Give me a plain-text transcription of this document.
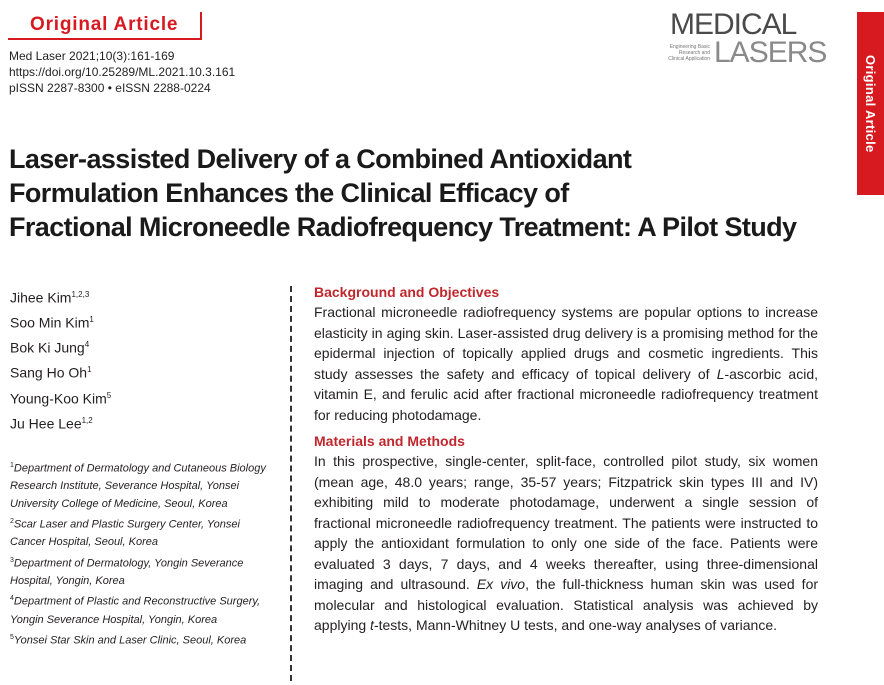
Original Article
Med Laser 2021;10(3):161-169
https://doi.org/10.25289/ML.2021.10.3.161
pISSN 2287-8300 • eISSN 2288-0224
MEDICAL
Engineering Basic Research and Clinical Application LASERS
Original Article
Laser-assisted Delivery of a Combined Antioxidant
Formulation Enhances the Clinical Efficacy of
Fractional Microneedle Radiofrequency Treatment: A Pilot Study
Jihee Kim$^{1,2,3}$
Soo Min Kim$^1$
Bok Ki Jung$^4$
Sang Ho Oh$^1$
Young-Koo Kim$^5$
Ju Hee Lee$^{1,2}$
$^1$Department of Dermatology and Cutaneous Biology Research Institute, Severance Hospital, Yonsei University College of Medicine, Seoul, Korea
$^2$Scar Laser and Plastic Surgery Center, Yonsei Cancer Hospital, Seoul, Korea
$^3$Department of Dermatology, Yongin Severance Hospital, Yongin, Korea
$^4$Department of Plastic and Reconstructive Surgery, Yongin Severance Hospital, Yongin, Korea
$^5$Yonsei Star Skin and Laser Clinic, Seoul, Korea
Background and Objectives
Fractional microneedle radiofrequency systems are popular options to increase elasticity in aging skin. Laser-assisted drug delivery is a promising method for the epidermal injection of topically applied drugs and cosmetic ingredients. This study assesses the safety and efficacy of topical delivery of L-ascorbic acid, vitamin E, and ferulic acid after fractional microneedle radiofrequency treatment for reducing photodamage.
Materials and Methods
In this prospective, single-center, split-face, controlled pilot study, six women (mean age, 48.0 years; range, 35-57 years; Fitzpatrick skin types III and IV) exhibiting mild to moderate photodamage, underwent a single session of fractional microneedle radiofrequency treatment. The patients were instructed to apply the antioxidant formulation to only one side of the face. Patients were evaluated 3 days, 7 days, and 4 weeks thereafter, using three-dimensional imaging and ultrasound. Ex vivo, the full-thickness human skin was used for molecular and histological evaluation. Statistical analysis was achieved by applying t-tests, Mann-Whitney U tests, and one-way analyses of variance.
